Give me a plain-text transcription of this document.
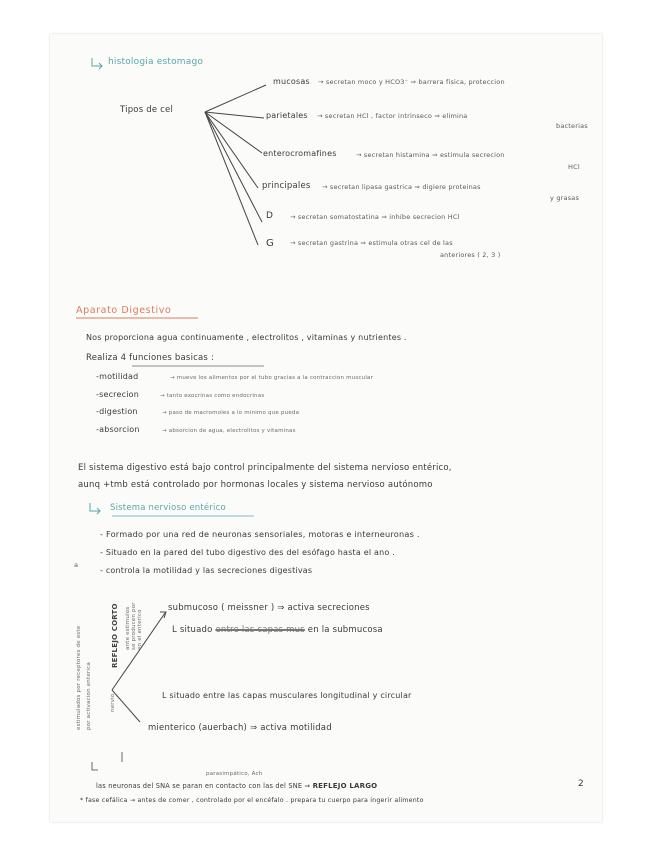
histologia estomago
Tipos de cel
mucosas → secretan moco y HCO3⁻ ⇒ barrera fisica, proteccion
parietales → secretan HCl , factor intrinseco ⇒ elimina
bacterias
enterocromafines	→ secretan histamina ⇒ estimula secrecion
HCl
principales → secretan lipasa gastrica ⇒ digiere proteinas
y grasas
D	→ secretan somatostatina ⇒ inhibe secrecion HCl
G → secretan gastrina ⇒ estimula otras cel de las
anteriores ( 2, 3 )
Aparato Digestivo
Nos proporciona agua continuamente , electrolitos , vitaminas y nutrientes .
Realiza 4 funciones basicas :
-motilidad	→ mueve los alimentos por el tubo gracias a la contraccion muscular
-secrecion	→ tanto exocrinas como endocrinas
-digestion	→ paso de macromoles a lo minimo que pueda
-absorcion	→ absorcion de agua, electrolitos y vitaminas
El sistema digestivo está bajo control principalmente del sistema nervioso entérico,
aunq +tmb está controlado por hormonas locales y sistema nervioso autónomo
Sistema nervioso entérico
- Formado por una red de neuronas sensoriales, motoras e interneuronas .
- Situado en la pared del tubo digestivo des del esófago hasta el ano .
- controla la motilidad y las secreciones digestivas
submucoso ( meissner ) ⇒ activa secreciones
L situado entre las capas mus en la submucosa
L situado entre las capas musculares longitudinal y circular
mienterico (auerbach) ⇒ activa motilidad
REFLEJO CORTO ante estimulos se producen por en el enterico
estimulados por receptores de este por activacion enterica	nervio
a
parasimpático, Ach
las neuronas del SNA se paran en contacto con las del SNE ⇒ REFLEJO LARGO
* fase cefálica → antes de comer , controlado por el encéfalo . prepara tu cuerpo para ingerir alimento
2
